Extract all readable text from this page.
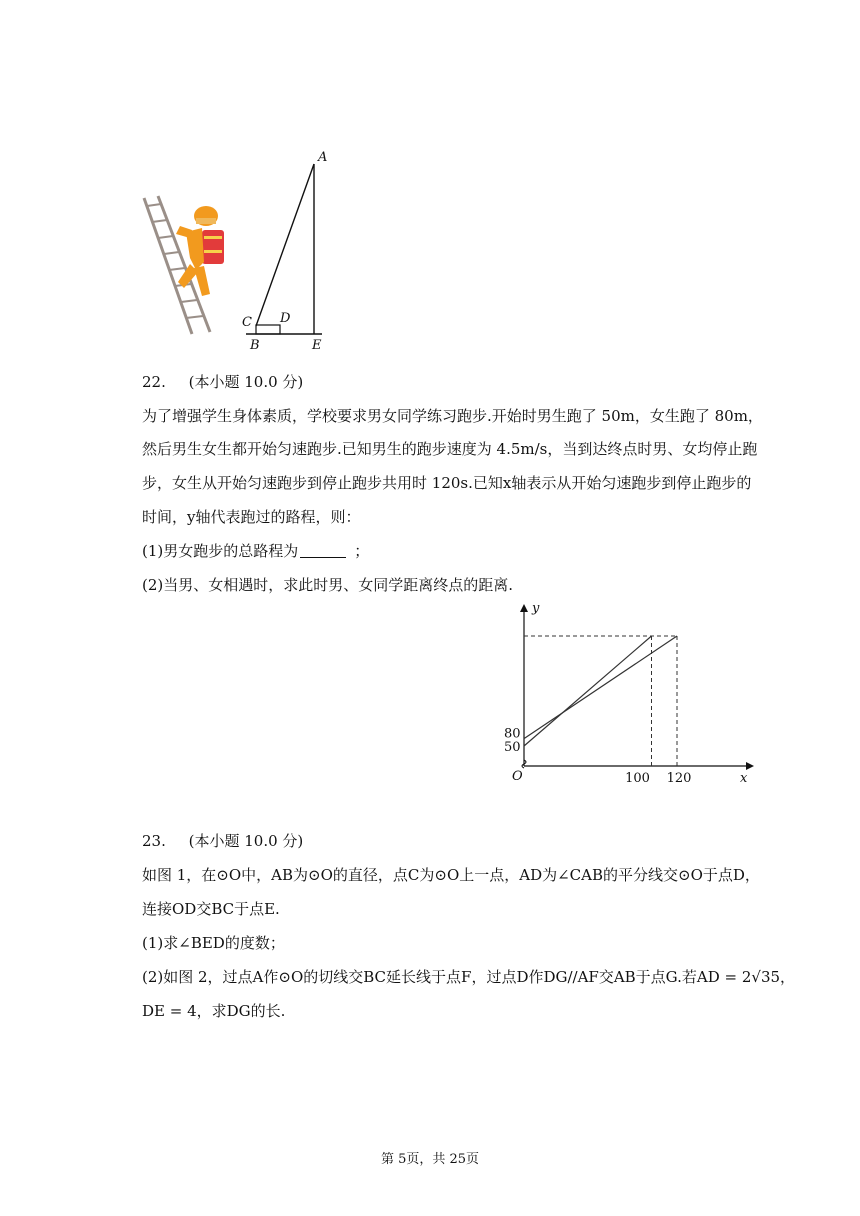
A
C D
B	E
22. (本小题 10.0 分)
为了增强学生身体素质，学校要求男女同学练习跑步.开始时男生跑了 50m，女生跑了 80m，
然后男生女生都开始匀速跑步.已知男生的跑步速度为 4.5m/s，当到达终点时男、女均停止跑
步，女生从开始匀速跑步到停止跑步共用时 120s.已知x轴表示从开始匀速跑步到停止跑步的
时间，y轴代表跑过的路程，则：
(1)男女跑步的总路程为	；
(2)当男、女相遇时，求此时男、女同学距离终点的距离.
y
x
O	100 120
80
50
23. (本小题 10.0 分)
如图 1，在⊙O中，AB为⊙O的直径，点C为⊙O上一点，AD为∠CAB的平分线交⊙O于点D，
连接OD交BC于点E.
(1)求∠BED的度数；
(2)如图 2，过点A作⊙O的切线交BC延长线于点F，过点D作DG//AF交AB于点G.若AD = 2√35，
DE = 4，求DG的长.
第 5页，共 25页
